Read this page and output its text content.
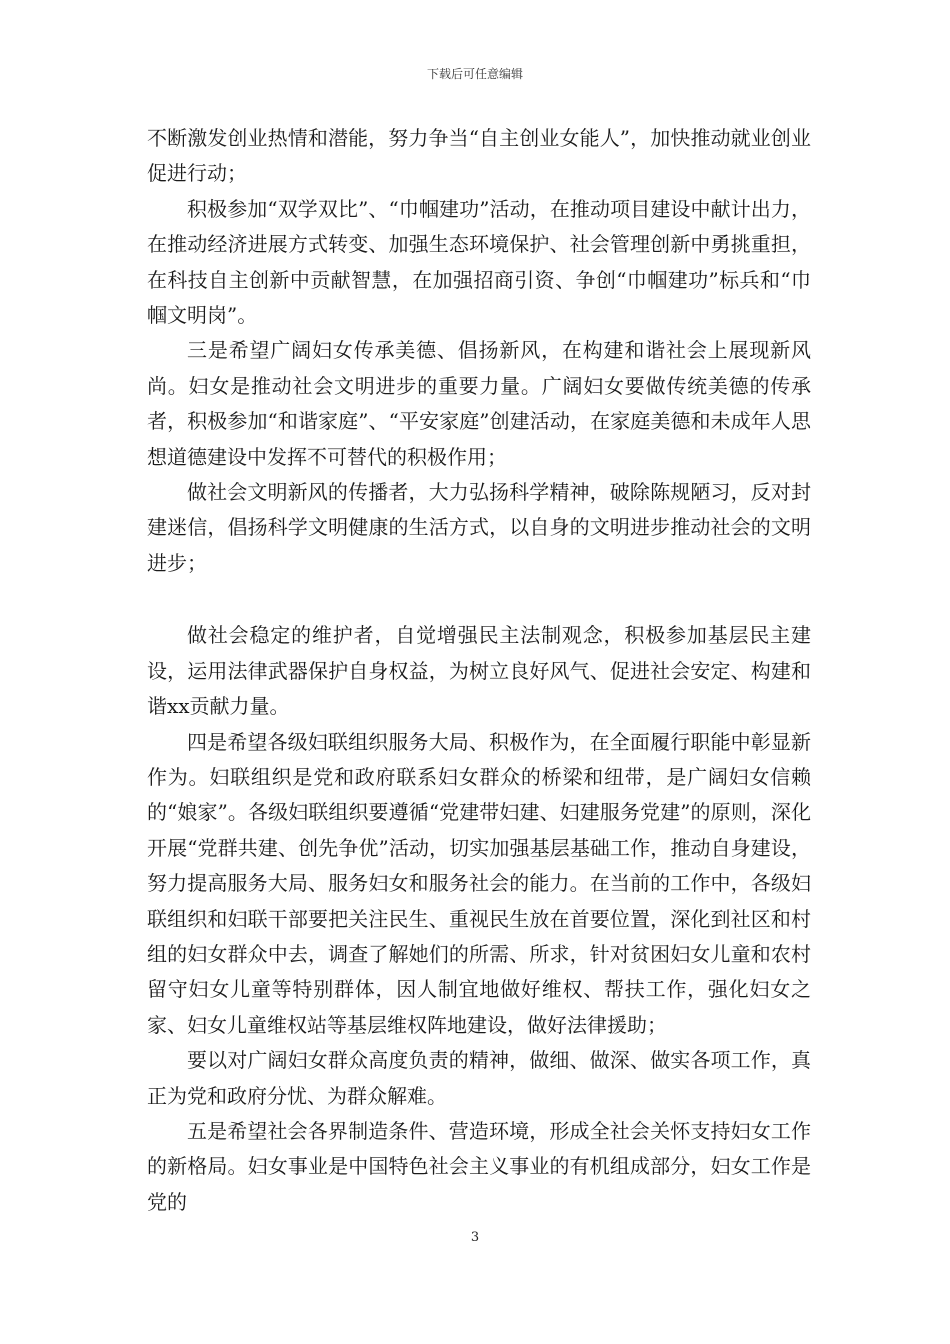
下载后可任意编辑

不断激发创业热情和潜能，努力争当“自主创业女能人”，加快推动就业创业促进行动；

积极参加“双学双比”、“巾帼建功”活动，在推动项目建设中献计出力，在推动经济进展方式转变、加强生态环境保护、社会管理创新中勇挑重担，在科技自主创新中贡献智慧，在加强招商引资、争创“巾帼建功”标兵和“巾帼文明岗”。

三是希望广阔妇女传承美德、倡扬新风，在构建和谐社会上展现新风尚。妇女是推动社会文明进步的重要力量。广阔妇女要做传统美德的传承者，积极参加“和谐家庭”、“平安家庭”创建活动，在家庭美德和未成年人思想道德建设中发挥不可替代的积极作用；

做社会文明新风的传播者，大力弘扬科学精神，破除陈规陋习，反对封建迷信，倡扬科学文明健康的生活方式，以自身的文明进步推动社会的文明进步；

做社会稳定的维护者，自觉增强民主法制观念，积极参加基层民主建设，运用法律武器保护自身权益，为树立良好风气、促进社会安定、构建和谐xx贡献力量。

四是希望各级妇联组织服务大局、积极作为，在全面履行职能中彰显新作为。妇联组织是党和政府联系妇女群众的桥梁和纽带，是广阔妇女信赖的“娘家”。各级妇联组织要遵循“党建带妇建、妇建服务党建”的原则，深化开展“党群共建、创先争优”活动，切实加强基层基础工作，推动自身建设，努力提高服务大局、服务妇女和服务社会的能力。在当前的工作中，各级妇联组织和妇联干部要把关注民生、重视民生放在首要位置，深化到社区和村组的妇女群众中去，调查了解她们的所需、所求，针对贫困妇女儿童和农村留守妇女儿童等特别群体，因人制宜地做好维权、帮扶工作，强化妇女之家、妇女儿童维权站等基层维权阵地建设，做好法律援助；

要以对广阔妇女群众高度负责的精神，做细、做深、做实各项工作，真正为党和政府分忧、为群众解难。

五是希望社会各界制造条件、营造环境，形成全社会关怀支持妇女工作的新格局。妇女事业是中国特色社会主义事业的有机组成部分，妇女工作是党的

3
